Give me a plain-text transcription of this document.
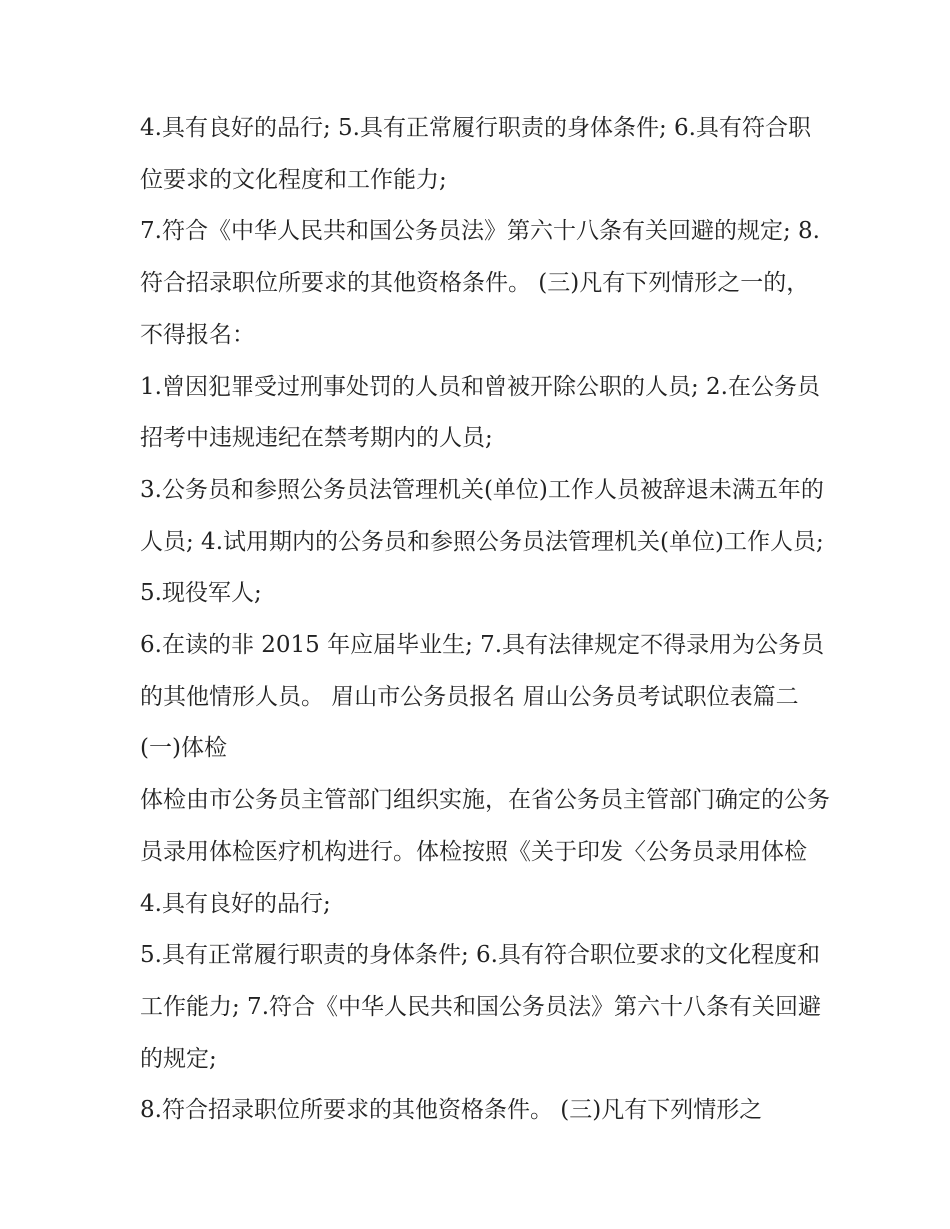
4.具有良好的品行; 5.具有正常履行职责的身体条件; 6.具有符合职位要求的文化程度和工作能力;

7.符合《中华人民共和国公务员法》第六十八条有关回避的规定; 8.符合招录职位所要求的其他资格条件。 (三)凡有下列情形之一的，不得报名：

1.曾因犯罪受过刑事处罚的人员和曾被开除公职的人员; 2.在公务员招考中违规违纪在禁考期内的人员;

3.公务员和参照公务员法管理机关(单位)工作人员被辞退未满五年的人员; 4.试用期内的公务员和参照公务员法管理机关(单位)工作人员; 5.现役军人;

6.在读的非 2015 年应届毕业生; 7.具有法律规定不得录用为公务员的其他情形人员。 眉山市公务员报名 眉山公务员考试职位表篇二 (一)体检

体检由市公务员主管部门组织实施，在省公务员主管部门确定的公务员录用体检医疗机构进行。体检按照《关于印发〈公务员录用体检 4.具有良好的品行;

5.具有正常履行职责的身体条件; 6.具有符合职位要求的文化程度和工作能力; 7.符合《中华人民共和国公务员法》第六十八条有关回避的规定;

8.符合招录职位所要求的其他资格条件。 (三)凡有下列情形之
